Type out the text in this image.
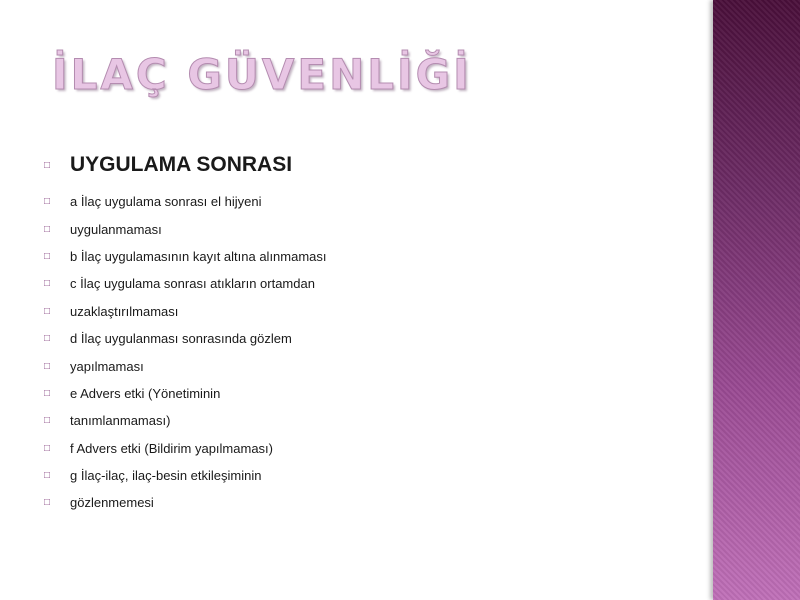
İLAÇ GÜVENLİĞİ
□ UYGULAMA SONRASI
□	a İlaç uygulama sonrası el hijyeni
□	uygulanmaması
□	b İlaç uygulamasının kayıt altına alınmaması
□	c İlaç uygulama sonrası atıkların ortamdan
□	uzaklaştırılmaması
□	d İlaç uygulanması sonrasında gözlem
□	yapılmaması
□	e Advers etki (Yönetiminin
□	tanımlanmaması)
□	f Advers etki (Bildirim yapılmaması)
□	g İlaç-ilaç, ilaç-besin etkileşiminin
□	gözlenmemesi
